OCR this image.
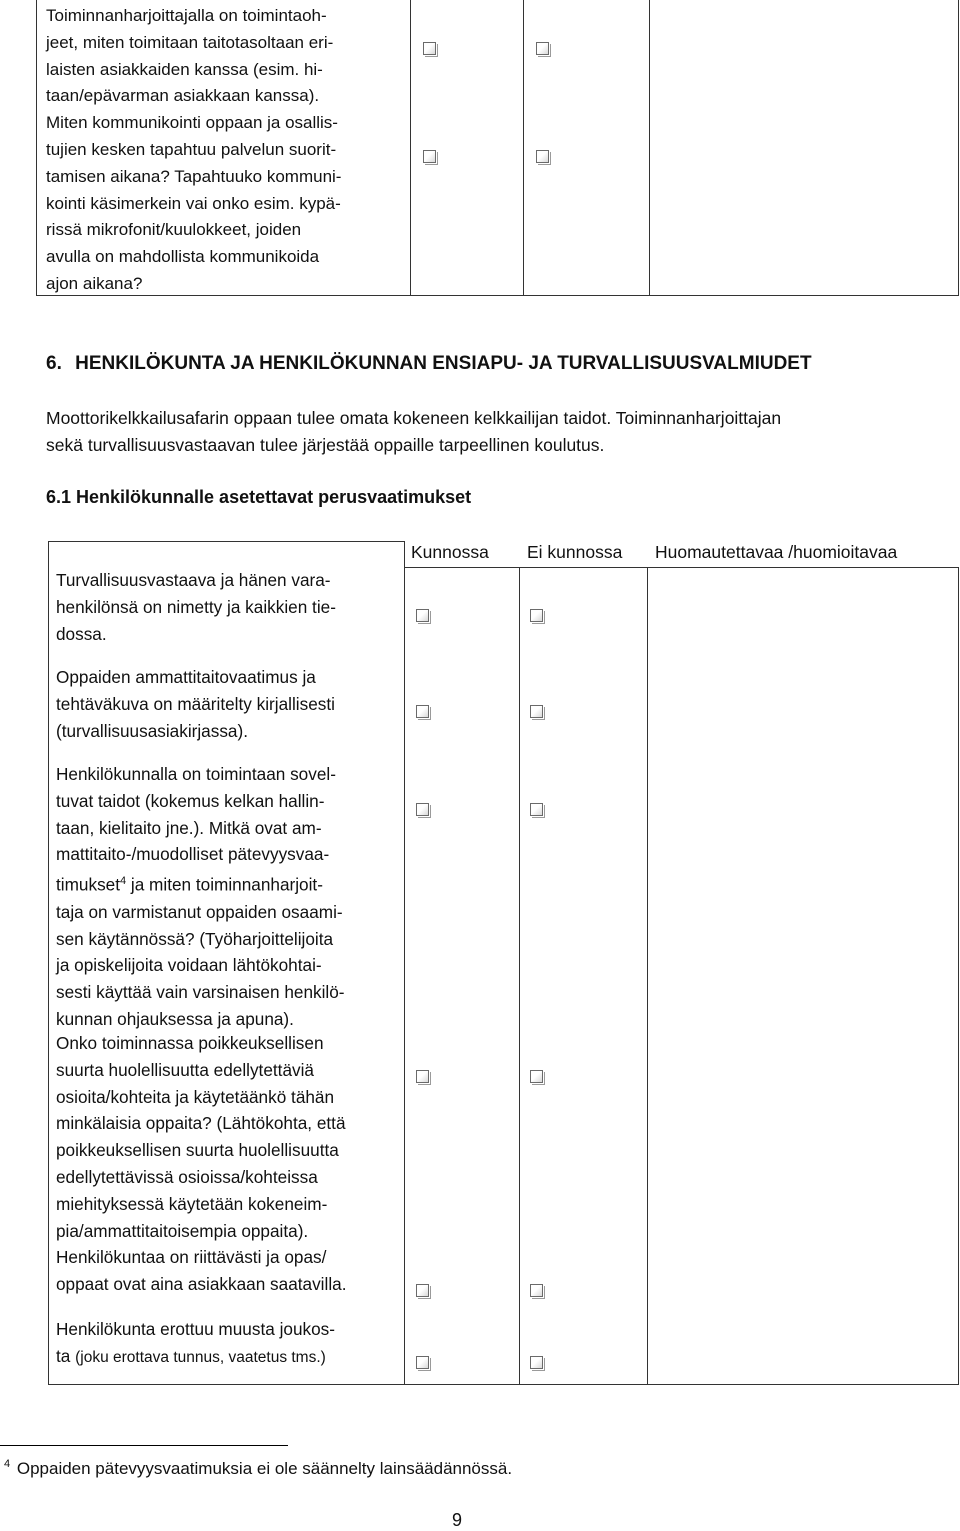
Toiminnanharjoittajalla on toimintaoh-
jeet, miten toimitaan taitotasoltaan eri-
laisten asiakkaiden kanssa (esim. hi-
taan/epävarman asiakkaan kanssa).
Miten kommunikointi oppaan ja osallis-
tujien kesken tapahtuu palvelun suorit-
tamisen aikana? Tapahtuuko kommuni-
kointi käsimerkein vai onko esim. kypä-
rissä mikrofonit/kuulokkeet, joiden
avulla on mahdollista kommunikoida
ajon aikana?
6. HENKILÖKUNTA JA HENKILÖKUNNAN ENSIAPU- JA TURVALLISUUSVALMIUDET
Moottorikelkkailusafarin oppaan tulee omata kokeneen kelkkailijan taidot. Toiminnanharjoittajan
sekä turvallisuusvastaavan tulee järjestää oppaille tarpeellinen koulutus.
6.1 Henkilökunnalle asetettavat perusvaatimukset
Kunnossa Ei kunnossa Huomautettavaa /huomioitavaa
Turvallisuusvastaava ja hänen vara-
henkilönsä on nimetty ja kaikkien tie-
dossa.
Oppaiden ammattitaitovaatimus ja
tehtäväkuva on määritelty kirjallisesti
(turvallisuusasiakirjassa).
Henkilökunnalla on toimintaan sovel-
tuvat taidot (kokemus kelkan hallin-
taan, kielitaito jne.). Mitkä ovat am-
mattitaito-/muodolliset pätevyysvaa-
timukset$^4$ ja miten toiminnanharjoit-
taja on varmistanut oppaiden osaami-
sen käytännössä? (Työharjoittelijoita
ja opiskelijoita voidaan lähtökohtai-
sesti käyttää vain varsinaisen henkilö-
kunnan ohjauksessa ja apuna).
Onko toiminnassa poikkeuksellisen
suurta huolellisuutta edellytettäviä
osioita/kohteita ja käytetäänkö tähän
minkälaisia oppaita? (Lähtökohta, että
poikkeuksellisen suurta huolellisuutta
edellytettävissä osioissa/kohteissa
miehityksessä käytetään kokeneim-
pia/ammattitaitoisempia oppaita).
Henkilökuntaa on riittävästi ja opas/
oppaat ovat aina asiakkaan saatavilla.
Henkilökunta erottuu muusta joukos-
ta (joku erottava tunnus, vaatetus tms.)
$^4$ Oppaiden pätevyysvaatimuksia ei ole säännelty lainsäädännössä.
9
